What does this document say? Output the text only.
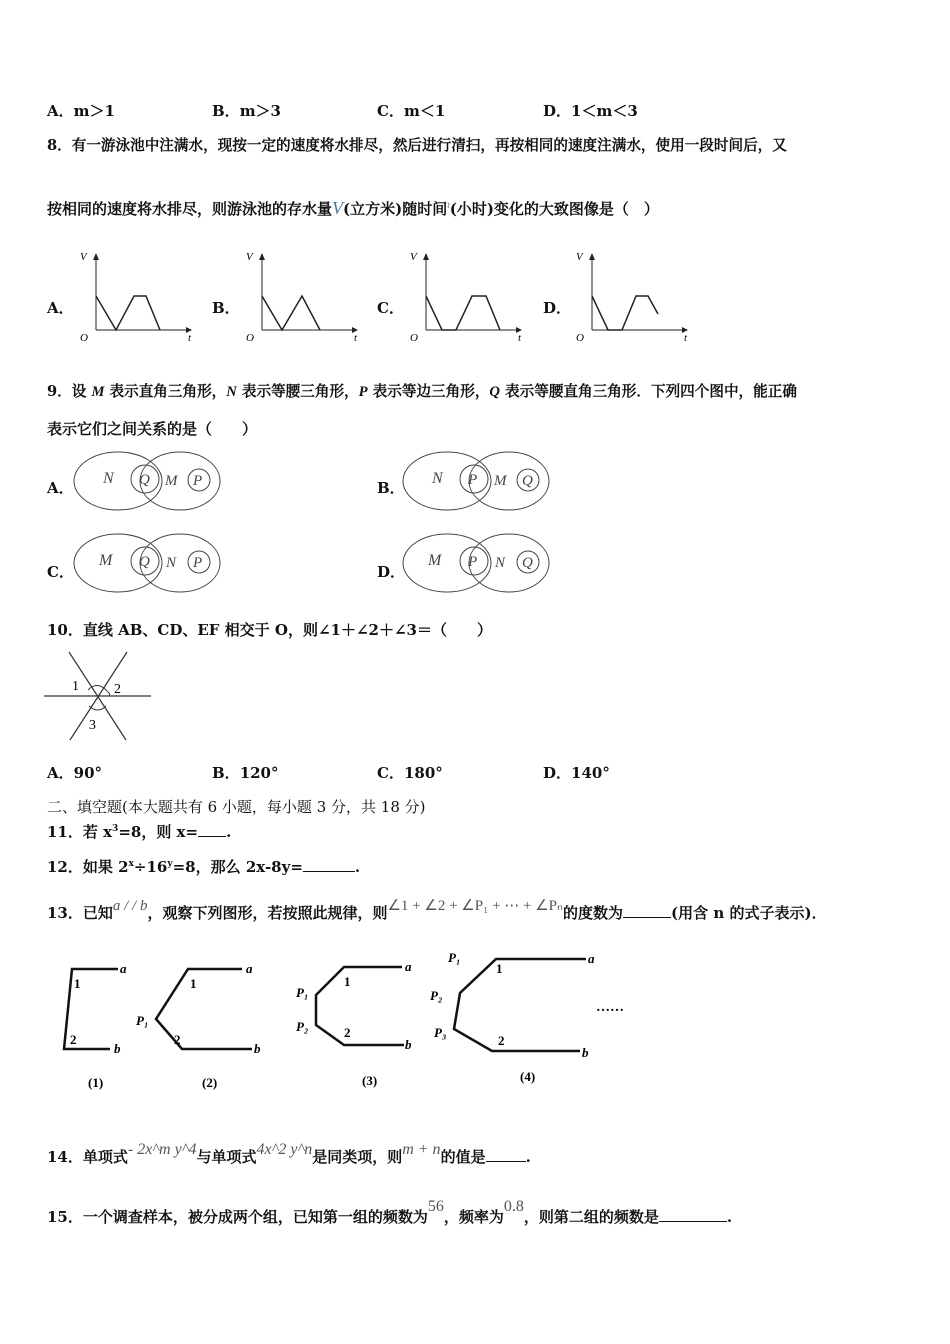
A．m＞1	B．m＞3	C．m＜1	D．1＜m＜3
8．有一游泳池中注满水，现按一定的速度将水排尽，然后进行清扫，再按相同的速度注满水，使用一段时间后，又
按相同的速度将水排尽，则游泳池的存水量V(立方米)随时间$^t$(小时)变化的大致图像是（　）
A．	B．	C．	D．
V
t
O
V
t
O
V
t
O
V
t
O
9．设 M 表示直角三角形，N 表示等腰三角形，P 表示等边三角形，Q 表示等腰直角三角形．下列四个图中，能正确
表示它们之间关系的是（　　）
A．	B．
C．	D．
N Q M P	N P M Q
M Q N P	M P N Q
10．直线 AB、CD、EF 相交于 O，则∠1＋∠2＋∠3＝（　　）
1	2
3
A．90°	B．120°	C．180°	D．140°
二、填空题(本大题共有 6 小题，每小题 3 分，共 18 分)
11．若 $x^3=8$，则 x= .
12．如果 $2^x\div 16^y=8$，那么 2x-8y=	.
13．已知a / / b，观察下列图形，若按照此规律，则∠1 + ∠2 + ∠P₁ + ⋯ + ∠Pₙ的度数为	(用含 n 的式子表示)．
a
b
1
2
(1)
a
b
1
2
P₁
(2)
a
b
1
2
P₁
P₂
(3)
a
b
1
2
P₁
P₂
P₃
……
(4)
14．单项式- 2x^m y^4与单项式4x^2 y^n是同类项，则m + n的值是	.
15．一个调查样本，被分成两个组，已知第一组的频数为56，频率为0.8，则第二组的频数是	.
